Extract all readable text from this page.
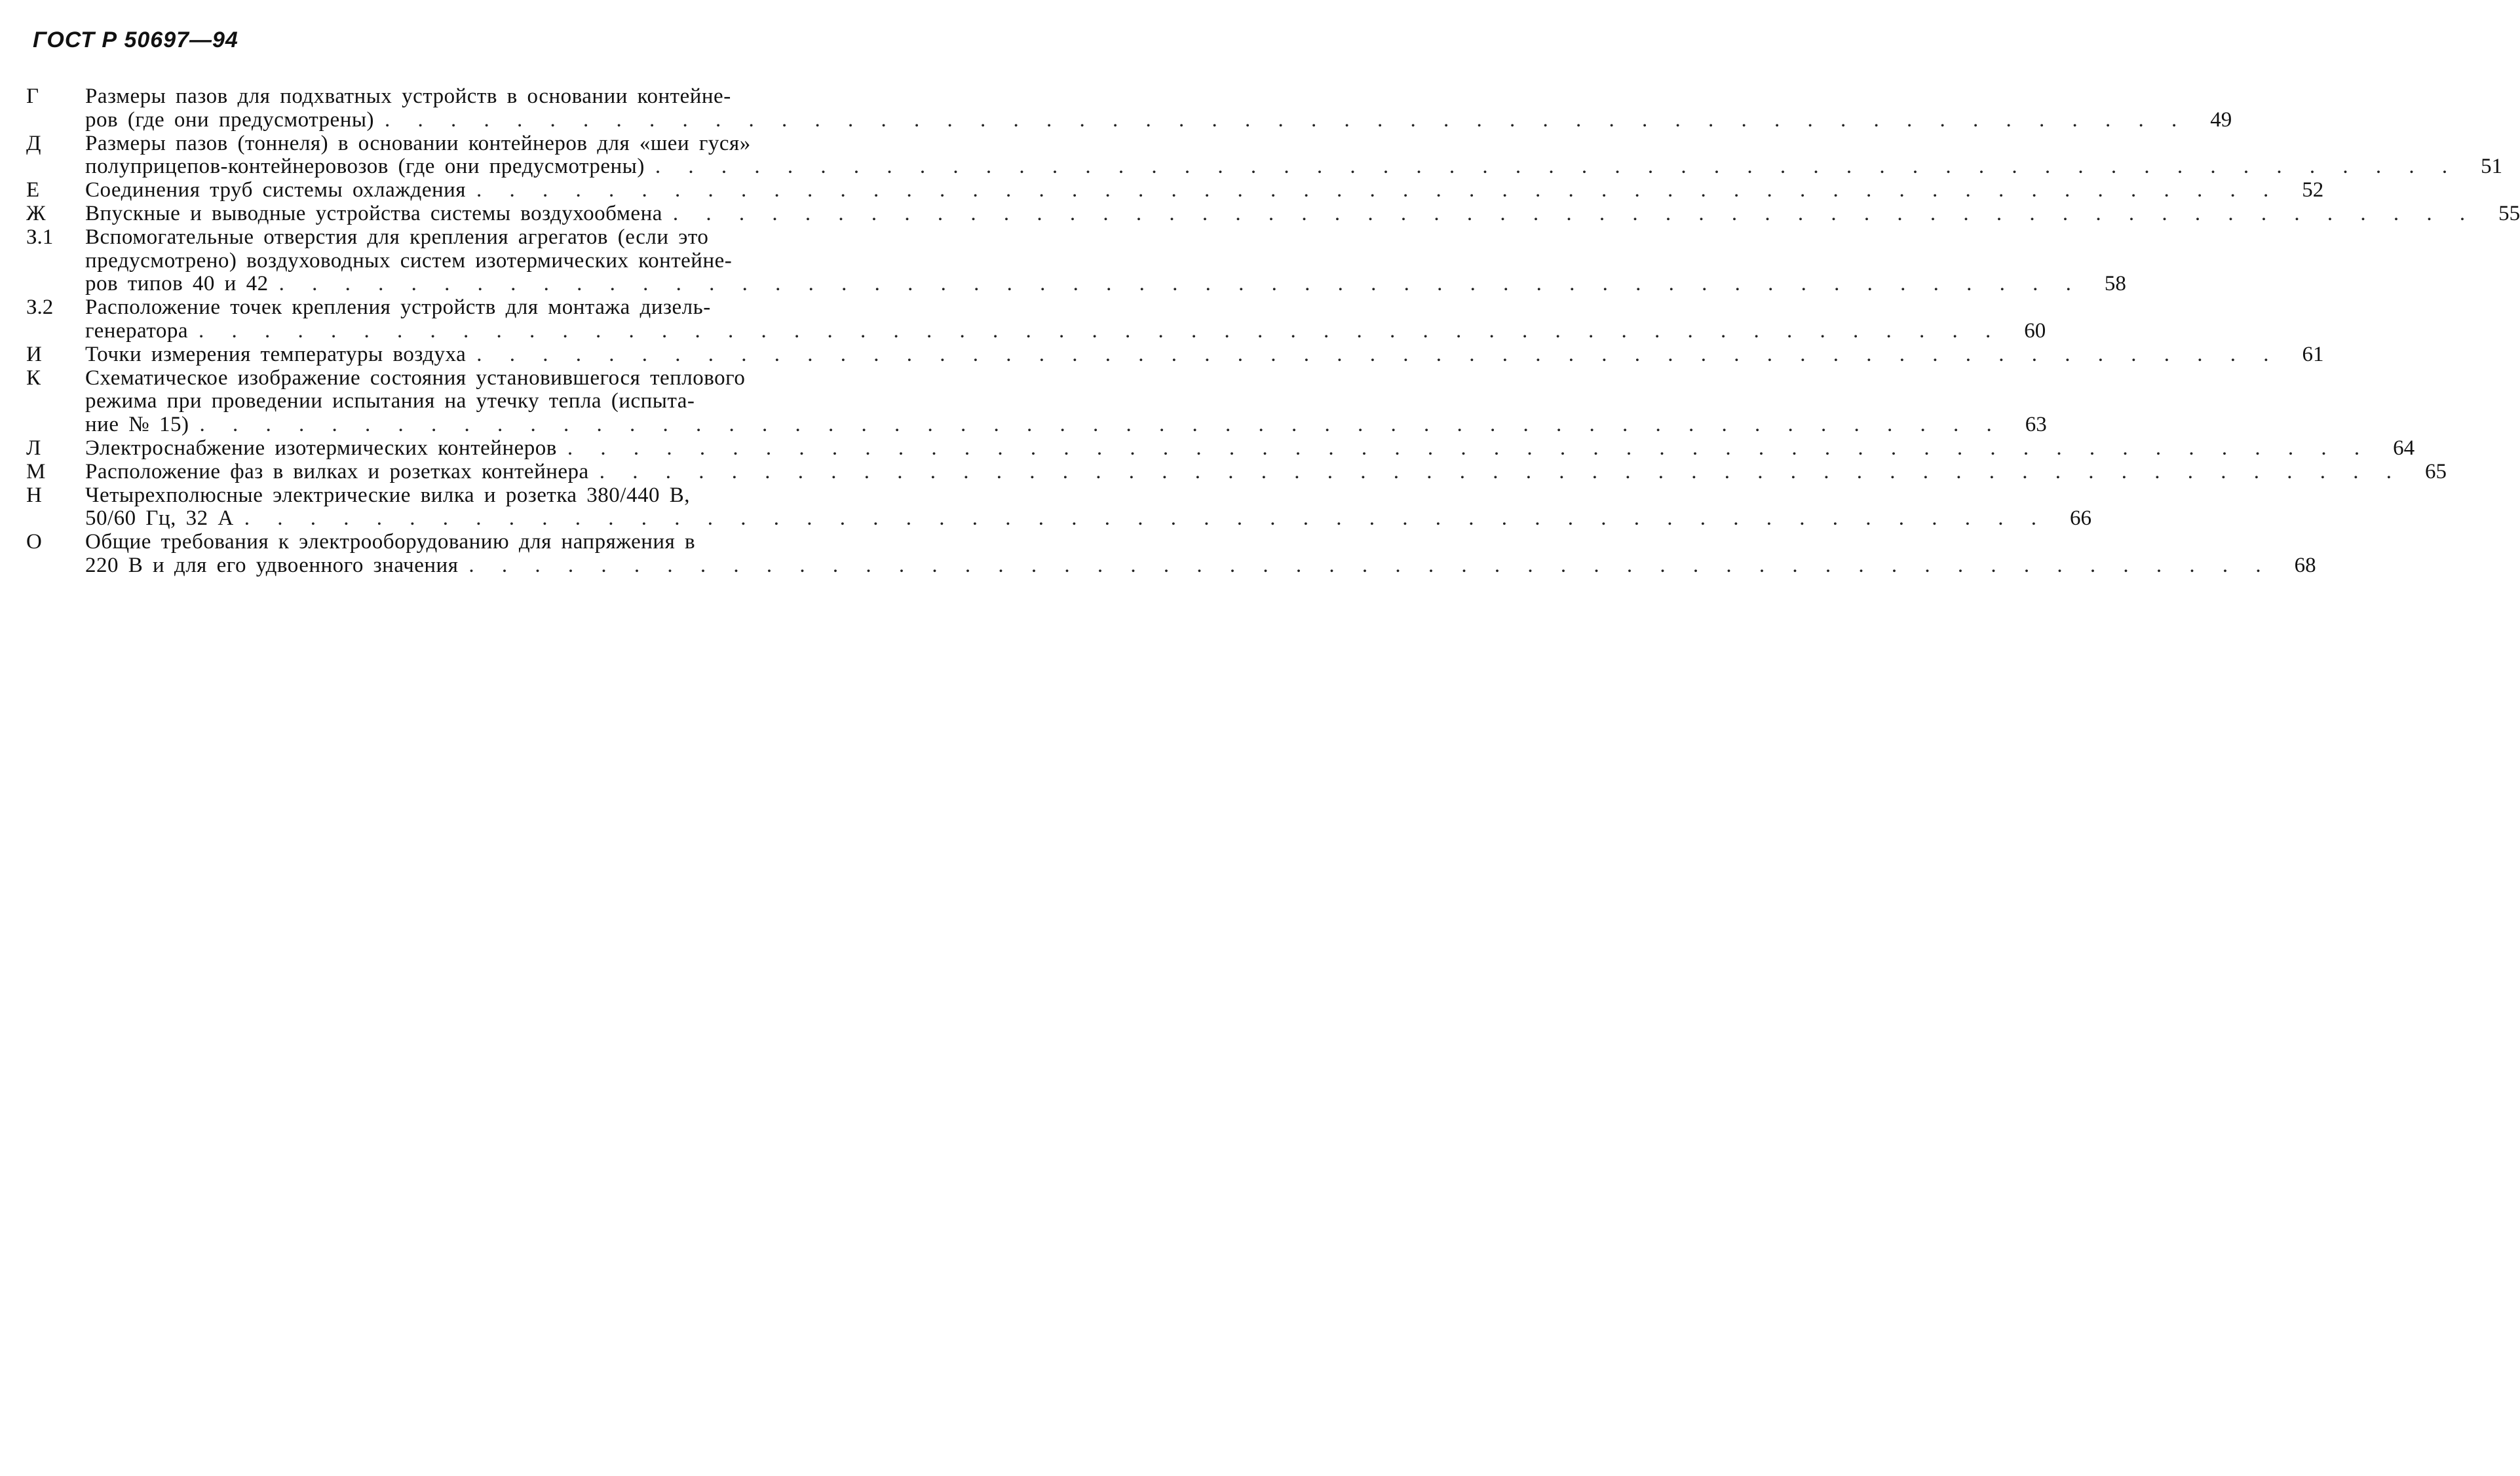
ГОСТ Р 50697—94
Г	Размеры пазов для подхватных устройств в основании контейне-
ров (где они предусмотрены) . . . . . . . . . . . . . . . . . . . . . . . . . . . . . . . . . . . . . . . . . . . . . . . . . . . . . . .	49
Д	Размеры пазов (тоннеля) в основании контейнеров для «шеи гуся»
полуприцепов-контейнеровозов (где они предусмотрены) . . . . . . . . . . . . . . . . . . . . . . . . . . . . . . . . . . . . . . . . . . . . . . . . . . . . . . .	51
Е	Соединения труб системы охлаждения . . . . . . . . . . . . . . . . . . . . . . . . . . . . . . . . . . . . . . . . . . . . . . . . . . . . . . .	52
Ж	Впускные и выводные устройства системы воздухообмена . . . . . . . . . . . . . . . . . . . . . . . . . . . . . . . . . . . . . . . . . . . . . . . . . . . . . . .	55
З.1	Вспомогательные отверстия для крепления агрегатов (если это
предусмотрено) воздуховодных систем изотермических контейне-
ров типов 40 и 42 . . . . . . . . . . . . . . . . . . . . . . . . . . . . . . . . . . . . . . . . . . . . . . . . . . . . . . .	58
З.2	Расположение точек крепления устройств для монтажа дизель-
генератора . . . . . . . . . . . . . . . . . . . . . . . . . . . . . . . . . . . . . . . . . . . . . . . . . . . . . . .	60
И	Точки измерения температуры воздуха . . . . . . . . . . . . . . . . . . . . . . . . . . . . . . . . . . . . . . . . . . . . . . . . . . . . . . .	61
К	Схематическое изображение состояния установившегося теплового
режима при проведении испытания на утечку тепла (испыта-
ние № 15) . . . . . . . . . . . . . . . . . . . . . . . . . . . . . . . . . . . . . . . . . . . . . . . . . . . . . . .	63
Л	Электроснабжение изотермических контейнеров . . . . . . . . . . . . . . . . . . . . . . . . . . . . . . . . . . . . . . . . . . . . . . . . . . . . . . .	64
М	Расположение фаз в вилках и розетках контейнера . . . . . . . . . . . . . . . . . . . . . . . . . . . . . . . . . . . . . . . . . . . . . . . . . . . . . . .	65
Н	Четырехполюсные электрические вилка и розетка 380/440 В,
50/60 Гц, 32 А . . . . . . . . . . . . . . . . . . . . . . . . . . . . . . . . . . . . . . . . . . . . . . . . . . . . . . .	66
О	Общие требования к электрооборудованию для напряжения в
220 В и для его удвоенного значения . . . . . . . . . . . . . . . . . . . . . . . . . . . . . . . . . . . . . . . . . . . . . . . . . . . . . . .	68
